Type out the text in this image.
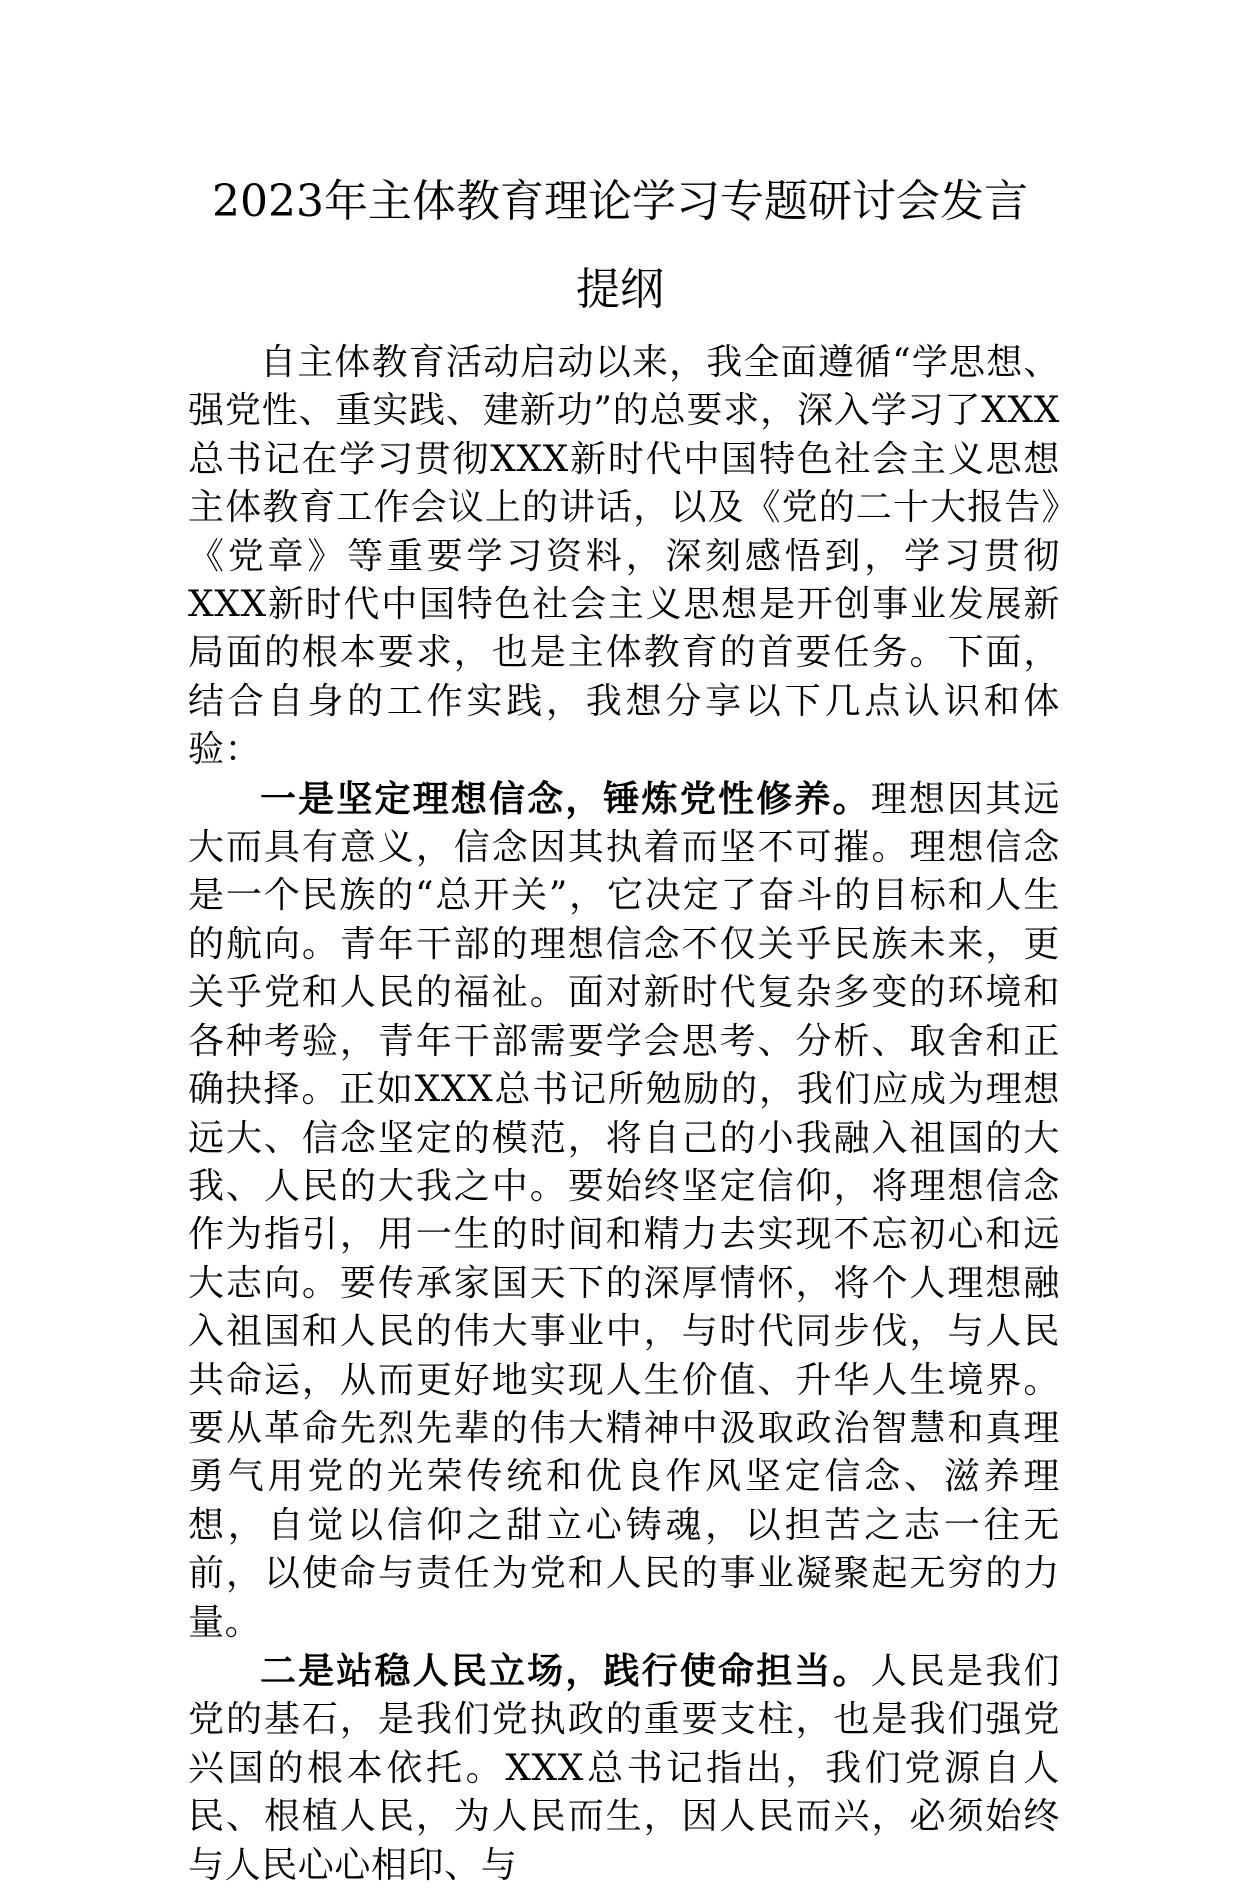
2023年主体教育理论学习专题研讨会发言
提纲

自主体教育活动启动以来，我全面遵循“学思想、强党性、重实践、建新功”的总要求，深入学习了XXX总书记在学习贯彻XXX新时代中国特色社会主义思想主体教育工作会议上的讲话，以及《党的二十大报告》《党章》等重要学习资料，深刻感悟到，学习贯彻XXX新时代中国特色社会主义思想是开创事业发展新局面的根本要求，也是主体教育的首要任务。下面，结合自身的工作实践，我想分享以下几点认识和体验：

一是坚定理想信念，锤炼党性修养。理想因其远大而具有意义，信念因其执着而坚不可摧。理想信念是一个民族的“总开关”，它决定了奋斗的目标和人生的航向。青年干部的理想信念不仅关乎民族未来，更关乎党和人民的福祉。面对新时代复杂多变的环境和各种考验，青年干部需要学会思考、分析、取舍和正确抉择。正如XXX总书记所勉励的，我们应成为理想远大、信念坚定的模范，将自己的小我融入祖国的大我、人民的大我之中。要始终坚定信仰，将理想信念作为指引，用一生的时间和精力去实现不忘初心和远大志向。要传承家国天下的深厚情怀，将个人理想融入祖国和人民的伟大事业中，与时代同步伐，与人民共命运，从而更好地实现人生价值、升华人生境界。要从革命先烈先辈的伟大精神中汲取政治智慧和真理勇气用党的光荣传统和优良作风坚定信念、滋养理想，自觉以信仰之甜立心铸魂，以担苦之志一往无前，以使命与责任为党和人民的事业凝聚起无穷的力量。

二是站稳人民立场，践行使命担当。人民是我们党的基石，是我们党执政的重要支柱，也是我们强党兴国的根本依托。XXX总书记指出，我们党源自人民、根植人民，为人民而生，因人民而兴，必须始终与人民心心相印、与
